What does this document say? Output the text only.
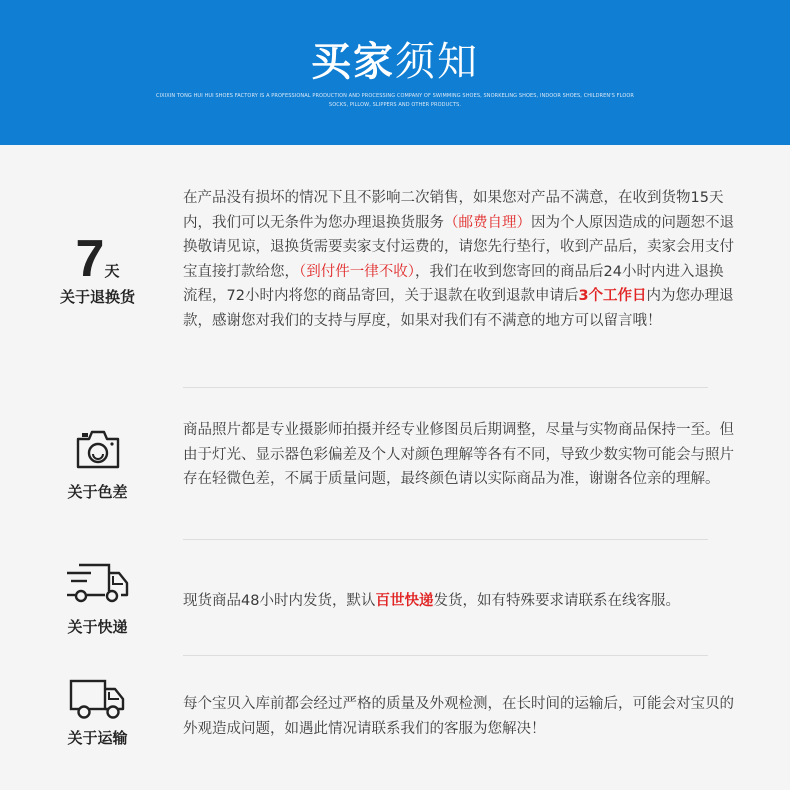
买家须知
CIXIXIN TONG HUI HUI SHOES FACTORY IS A PROFESSIONAL PRODUCTION AND PROCESSING COMPANY OF SWIMMING SHOES, SNORKELING SHOES, INDOOR SHOES, CHILDREN'S FLOOR SOCKS, PILLOW, SLIPPERS AND OTHER PRODUCTS.
7天
关于退换货
在产品没有损坏的情况下且不影响二次销售，如果您对产品不满意，在收到货物15天内，我们可以无条件为您办理退换货服务（邮费自理）因为个人原因造成的问题恕不退换敬请见谅，退换货需要卖家支付运费的，请您先行垫行，收到产品后，卖家会用支付宝直接打款给您，（到付件一律不收），我们在收到您寄回的商品后24小时内进入退换流程，72小时内将您的商品寄回，关于退款在收到退款申请后3个工作日内为您办理退款，感谢您对我们的支持与厚度，如果对我们有不满意的地方可以留言哦！
关于色差
商品照片都是专业摄影师拍摄并经专业修图员后期调整，尽量与实物商品保持一至。但由于灯光、显示器色彩偏差及个人对颜色理解等各有不同，导致少数实物可能会与照片存在轻微色差，不属于质量问题，最终颜色请以实际商品为准，谢谢各位亲的理解。
关于快递
现货商品48小时内发货，默认百世快递发货，如有特殊要求请联系在线客服。
关于运输
每个宝贝入库前都会经过严格的质量及外观检测，在长时间的运输后，可能会对宝贝的外观造成问题，如遇此情况请联系我们的客服为您解决！
